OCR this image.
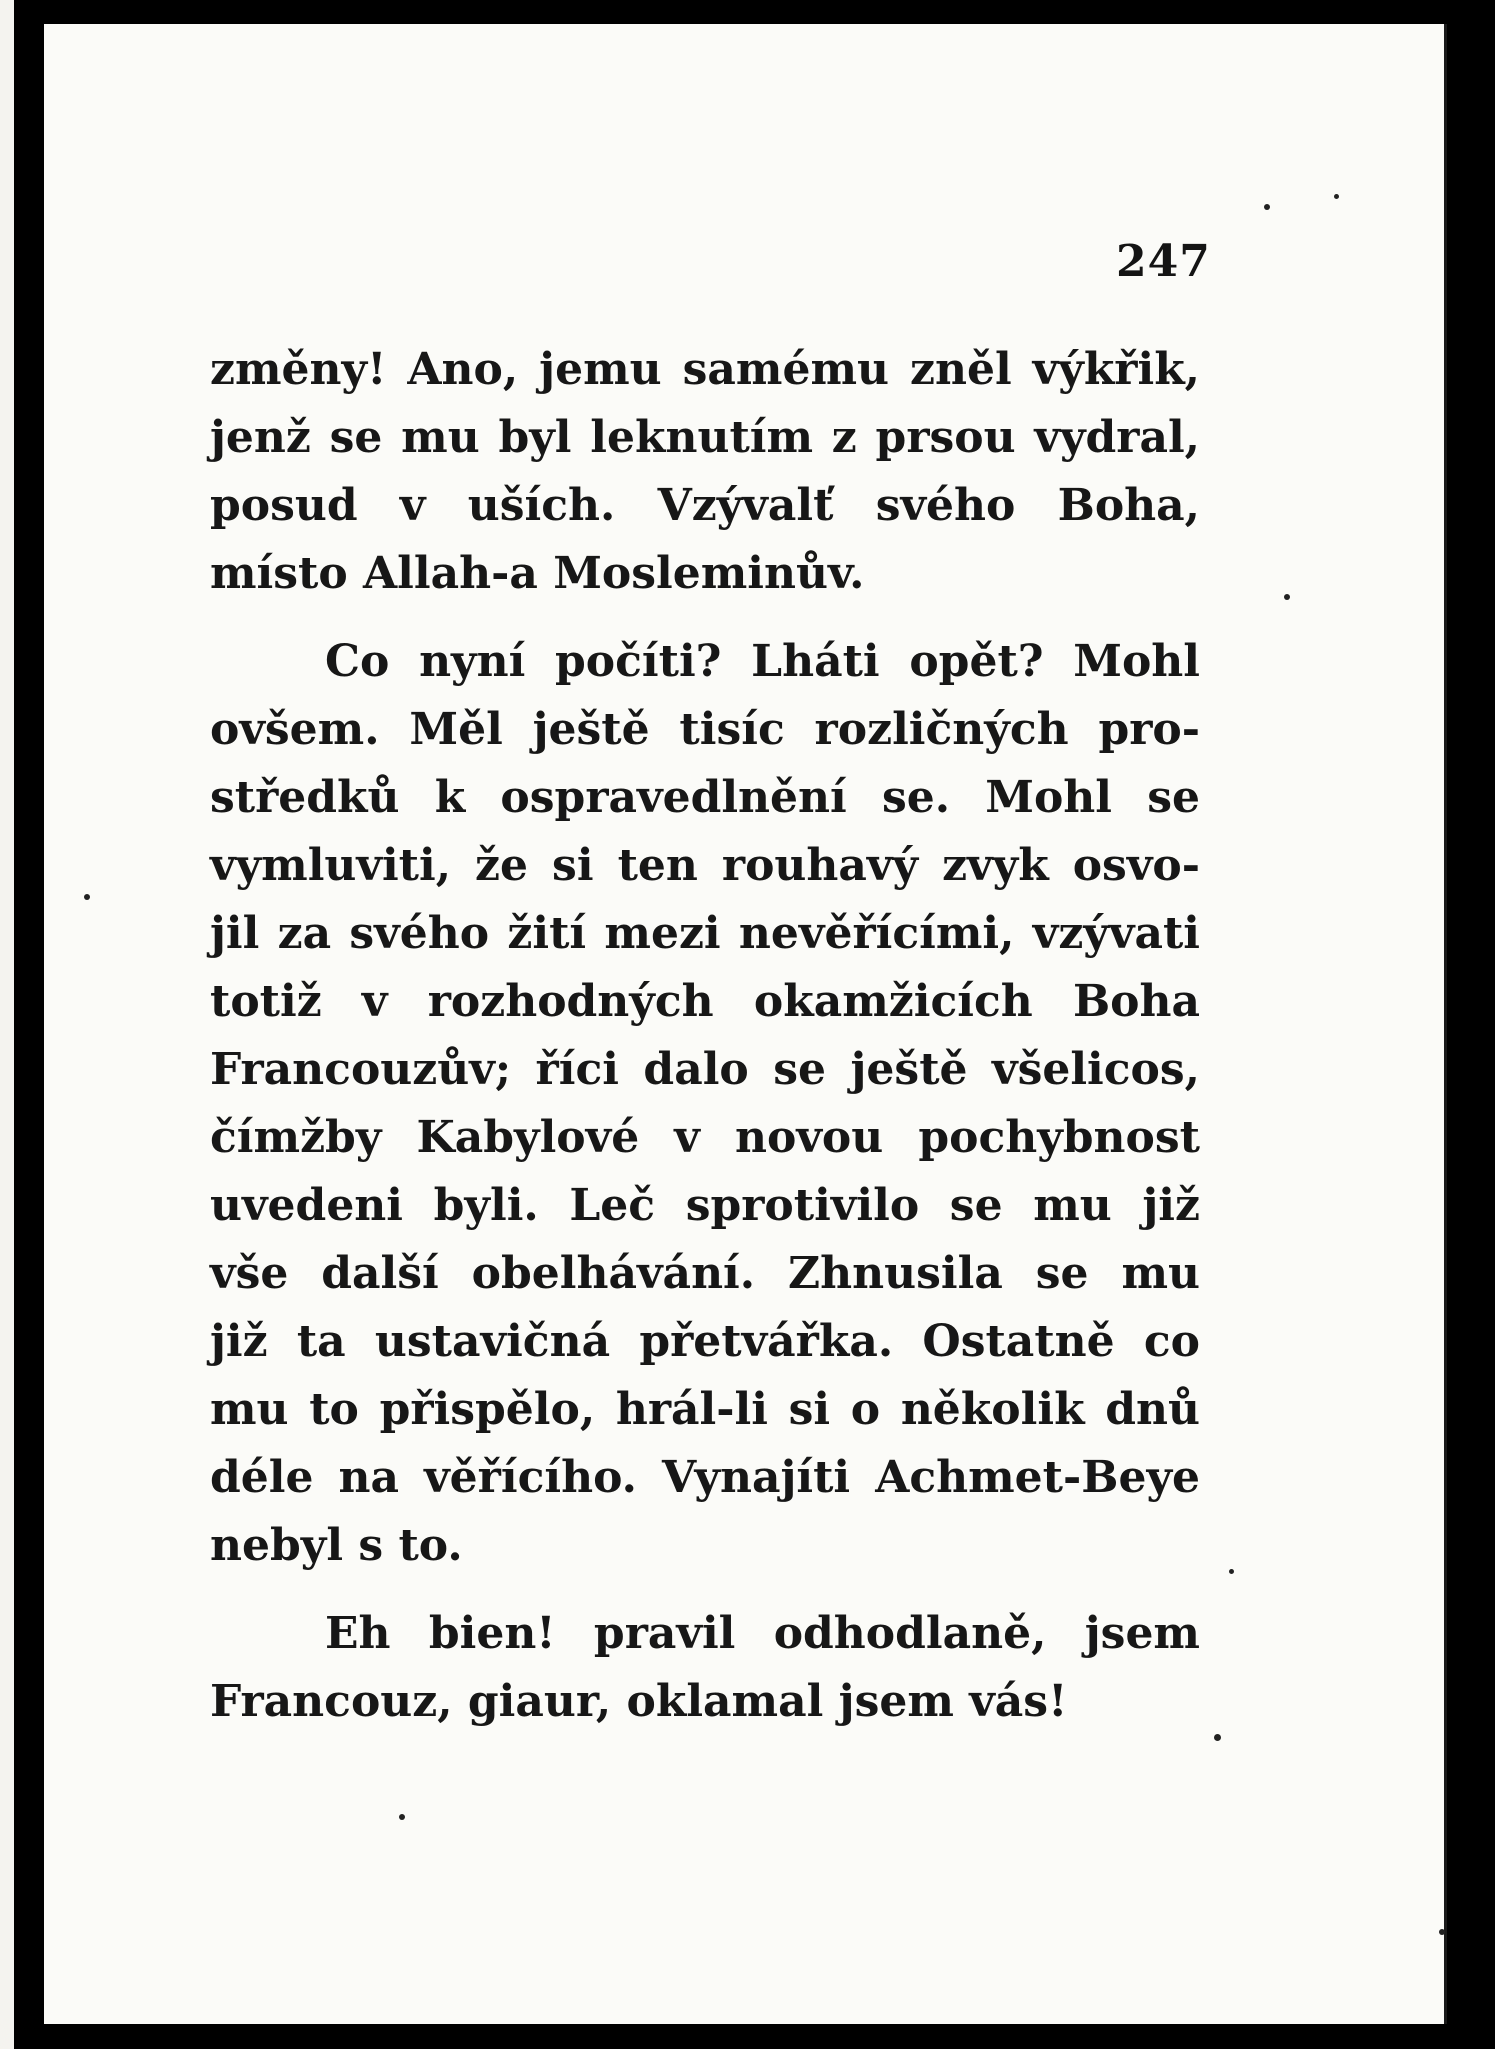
247

změny! Ano, jemu samému zněl výkřik,
jenž se mu byl leknutím z prsou vydral,
posud v uších. Vzývalť svého Boha,
místo Allah-a Mosleminův.

Co nyní počíti? Lháti opět? Mohl
ovšem. Měl ještě tisíc rozličných pro-
středků k ospravedlnění se. Mohl se
vymluviti, že si ten rouhavý zvyk osvo-
jil za svého žití mezi nevěřícími, vzývati
totiž v rozhodných okamžicích Boha
Francouzův; říci dalo se ještě všelicos,
čímžby Kabylové v novou pochybnost
uvedeni byli. Leč sprotivilo se mu již
vše další obelhávání. Zhnusila se mu
již ta ustavičná přetvářka. Ostatně co
mu to přispělo, hrál-li si o několik dnů
déle na věřícího. Vynajíti Achmet-Beye
nebyl s to.

Eh bien! pravil odhodlaně, jsem
Francouz, giaur, oklamal jsem vás!
